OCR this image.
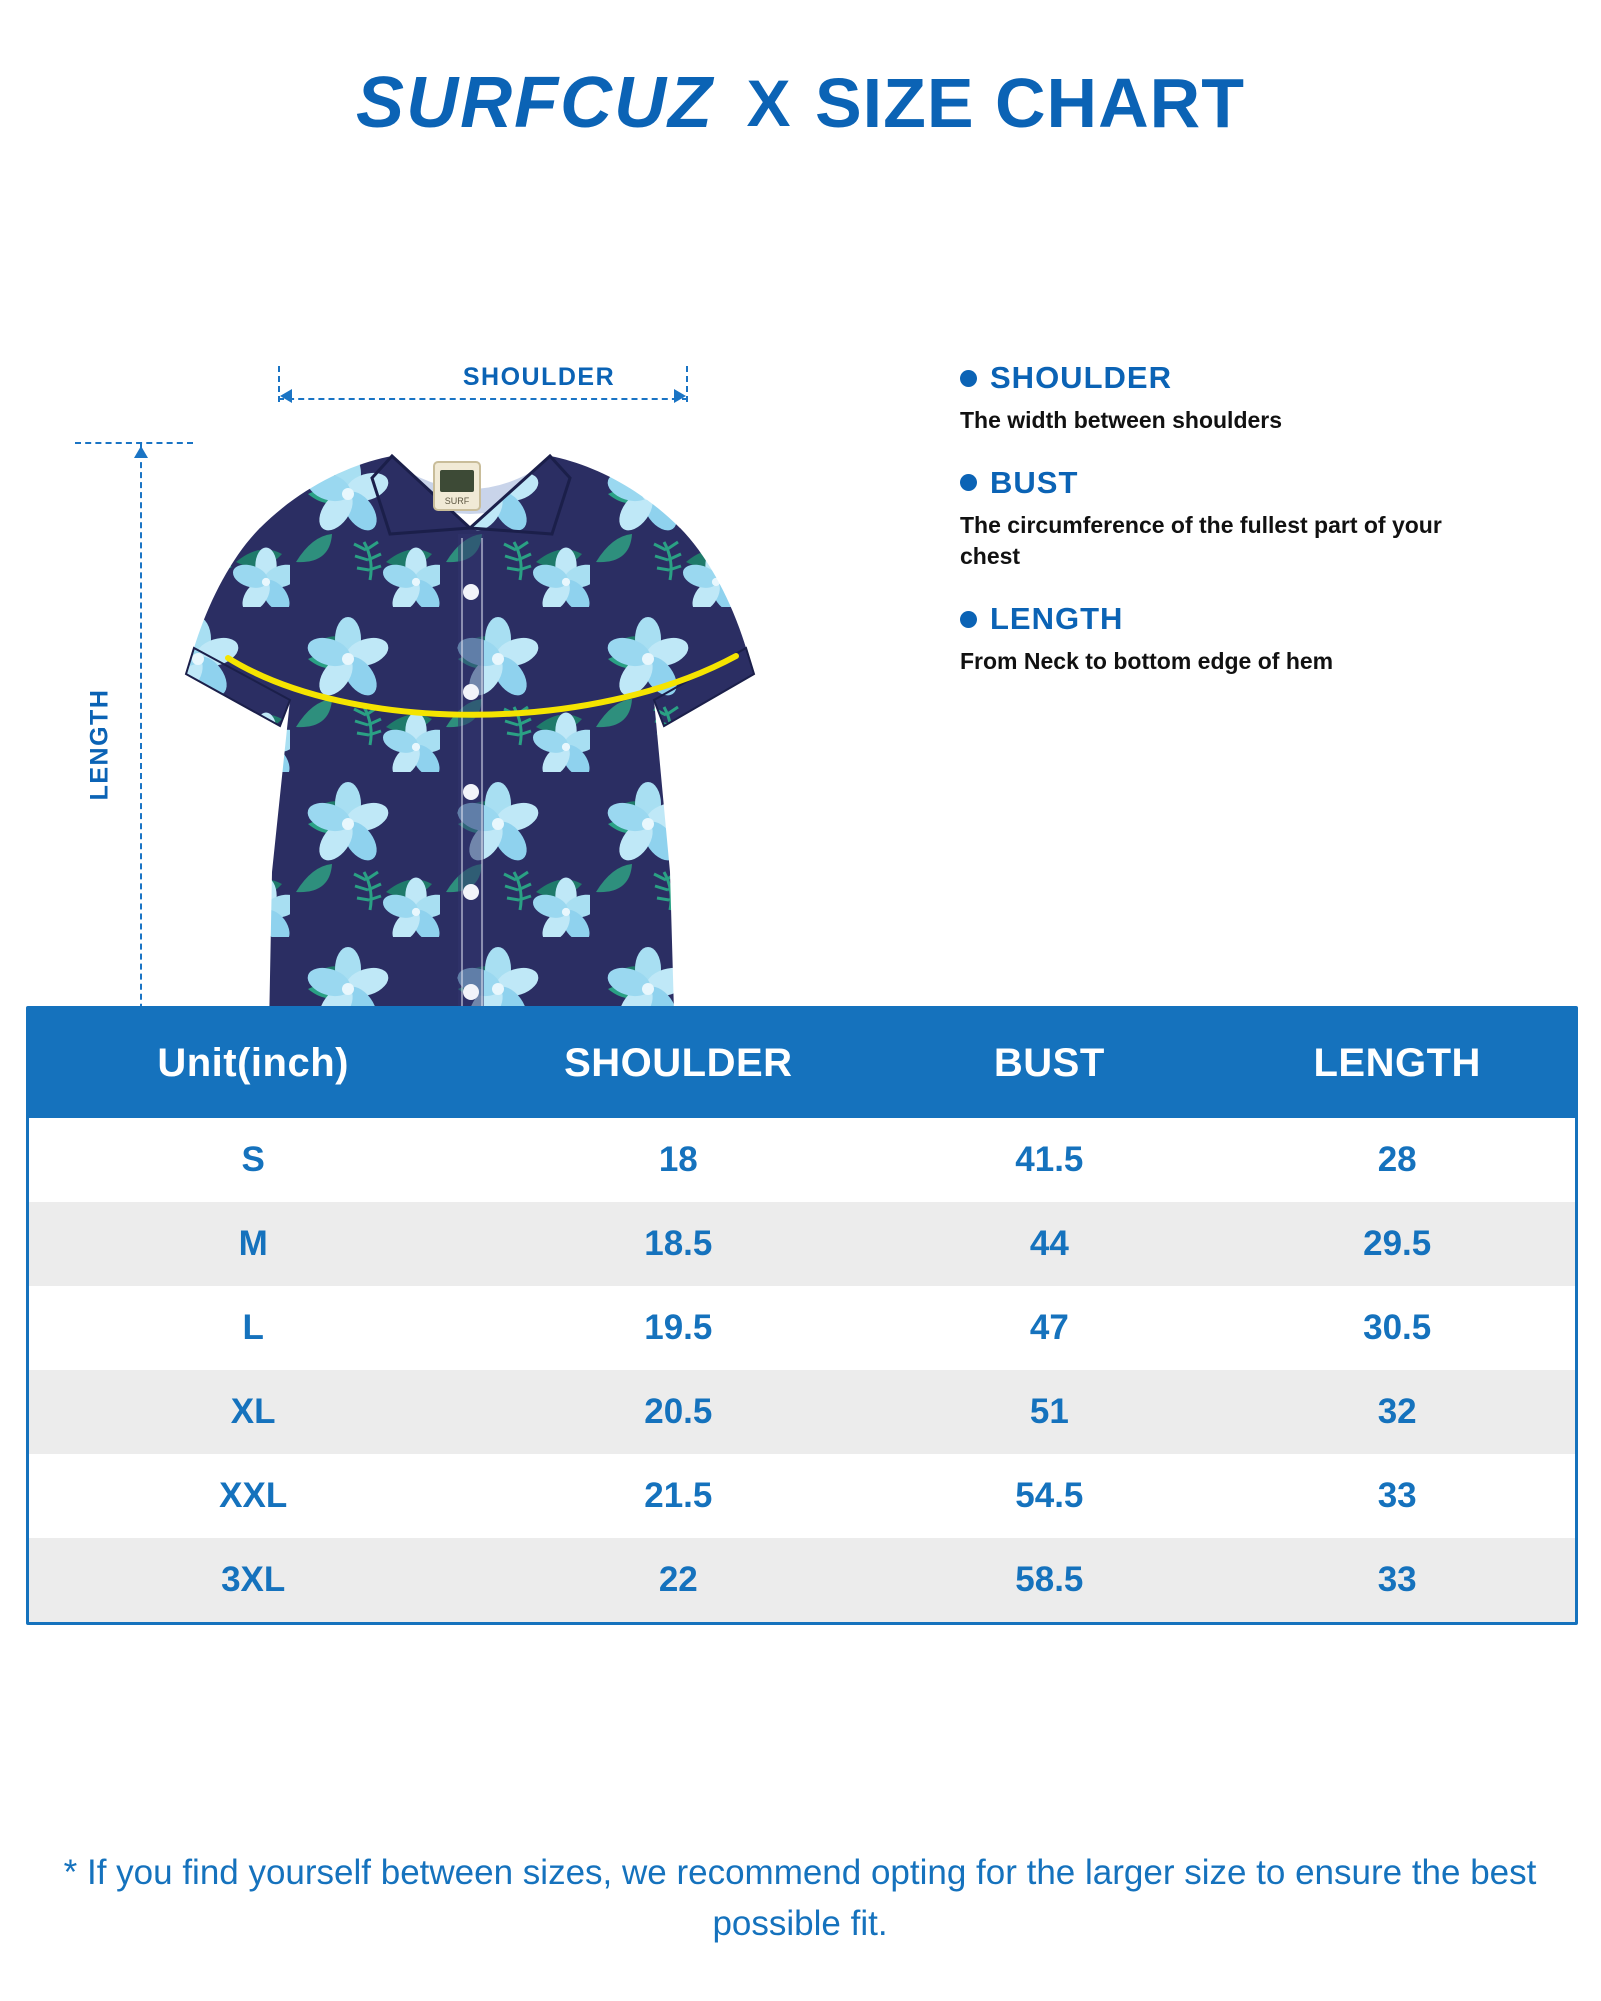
SURFCUZ X SIZE CHART
SHOULDER
LENGTH
SURF
SHOULDER
The width between shoulders
BUST
The circumference of the fullest part of your chest
LENGTH
From Neck to bottom edge of hem
Unit(inch)	SHOULDER	BUST	LENGTH
S	18	41.5	28
M	18.5	44	29.5
L	19.5	47	30.5
XL	20.5	51	32
XXL	21.5	54.5	33
3XL	22	58.5	33
* If you find yourself between sizes, we recommend opting for the larger size to ensure the best possible fit.
